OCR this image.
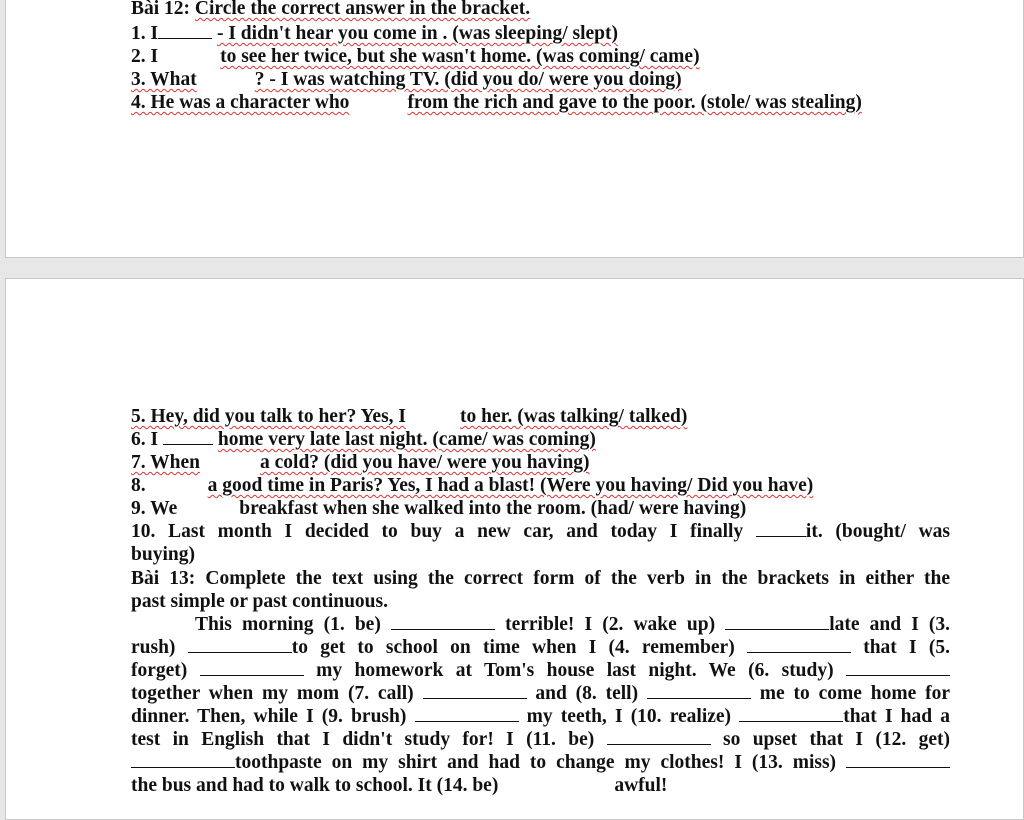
Bài 12: Circle the correct answer in the bracket.
1. I	- I didn't hear you come in . (was sleeping/ slept)
2. I	to see her twice, but she wasn't home. (was coming/ came)
3. What	? - I was watching TV. (did you do/ were you doing)
4. He was a character who	from the rich and gave to the poor. (stole/ was stealing)
5. Hey, did you talk to her? Yes, I	to her. (was talking/ talked)
6. I	home very late last night. (came/ was coming)
7. When	a cold? (did you have/ were you having)
8.	a good time in Paris? Yes, I had a blast! (Were you having/ Did you have)
9. We	breakfast when she walked into the room. (had/ were having)
10. Last month I decided to buy a new car, and today I finally	it. (bought/ was
buying)
Bài 13: Complete the text using the correct form of the verb in the brackets in either the
past simple or past continuous.
This morning (1. be)	terrible! I (2. wake up)	late and I (3.
rush)	to get to school on time when I (4. remember)	that I (5.
forget)	my homework at Tom's house last night. We (6. study)
together when my mom (7. call)	and (8. tell)	me to come home for
dinner. Then, while I (9. brush)	my teeth, I (10. realize)	that I had a
test in English that I didn't study for! I (11. be)	so upset that I (12. get)
toothpaste on my shirt and had to change my clothes! I (13. miss)
the bus and had to walk to school. It (14. be)	awful!
